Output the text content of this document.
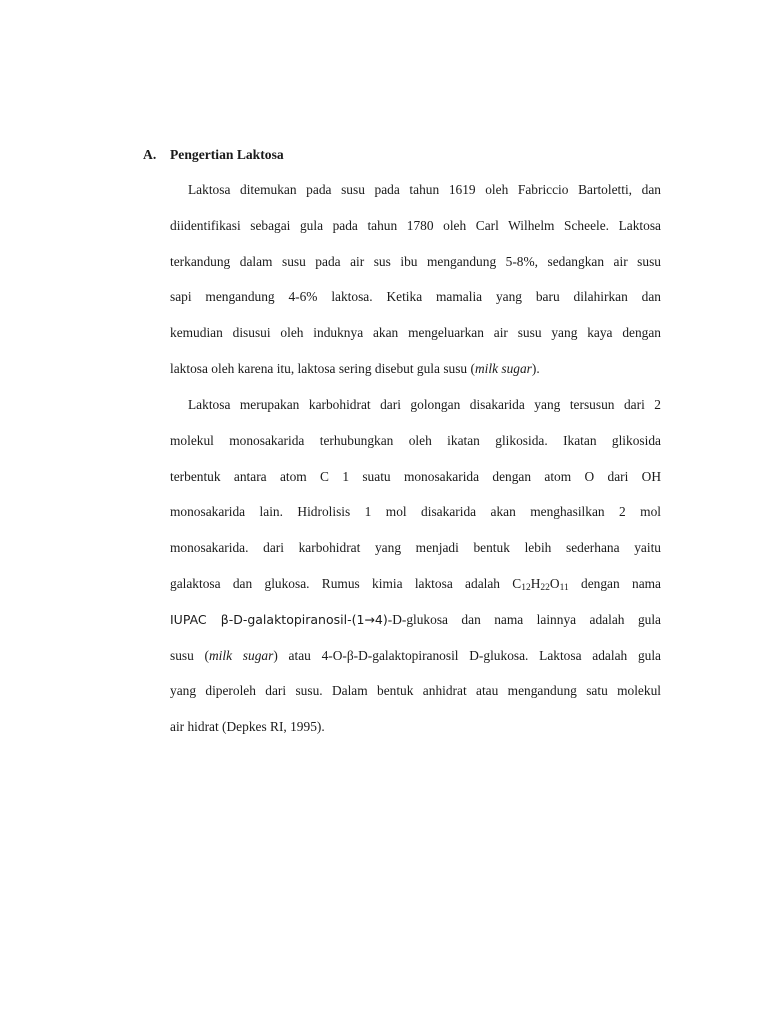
A. Pengertian Laktosa
Laktosa ditemukan pada susu pada tahun 1619 oleh Fabriccio Bartoletti, dan
diidentifikasi sebagai gula pada tahun 1780 oleh Carl Wilhelm Scheele. Laktosa
terkandung dalam susu pada air sus ibu mengandung 5-8%, sedangkan air susu
sapi mengandung 4-6% laktosa. Ketika mamalia yang baru dilahirkan dan
kemudian disusui oleh induknya akan mengeluarkan air susu yang kaya dengan
laktosa oleh karena itu, laktosa sering disebut gula susu (milk sugar).
Laktosa merupakan karbohidrat dari golongan disakarida yang tersusun dari 2
molekul monosakarida terhubungkan oleh ikatan glikosida. Ikatan glikosida
terbentuk antara atom C 1 suatu monosakarida dengan atom O dari OH
monosakarida lain. Hidrolisis 1 mol disakarida akan menghasilkan 2 mol
monosakarida. dari karbohidrat yang menjadi bentuk lebih sederhana yaitu
galaktosa dan glukosa. Rumus kimia laktosa adalah $C_{12}H_{22}O_{11}$ dengan nama
IUPAC β-D-galaktopiranosil-(1→4)-D-glukosa dan nama lainnya adalah gula
susu (milk sugar) atau 4-O-β-D-galaktopiranosil D-glukosa. Laktosa adalah gula
yang diperoleh dari susu. Dalam bentuk anhidrat atau mengandung satu molekul
air hidrat (Depkes RI, 1995).
